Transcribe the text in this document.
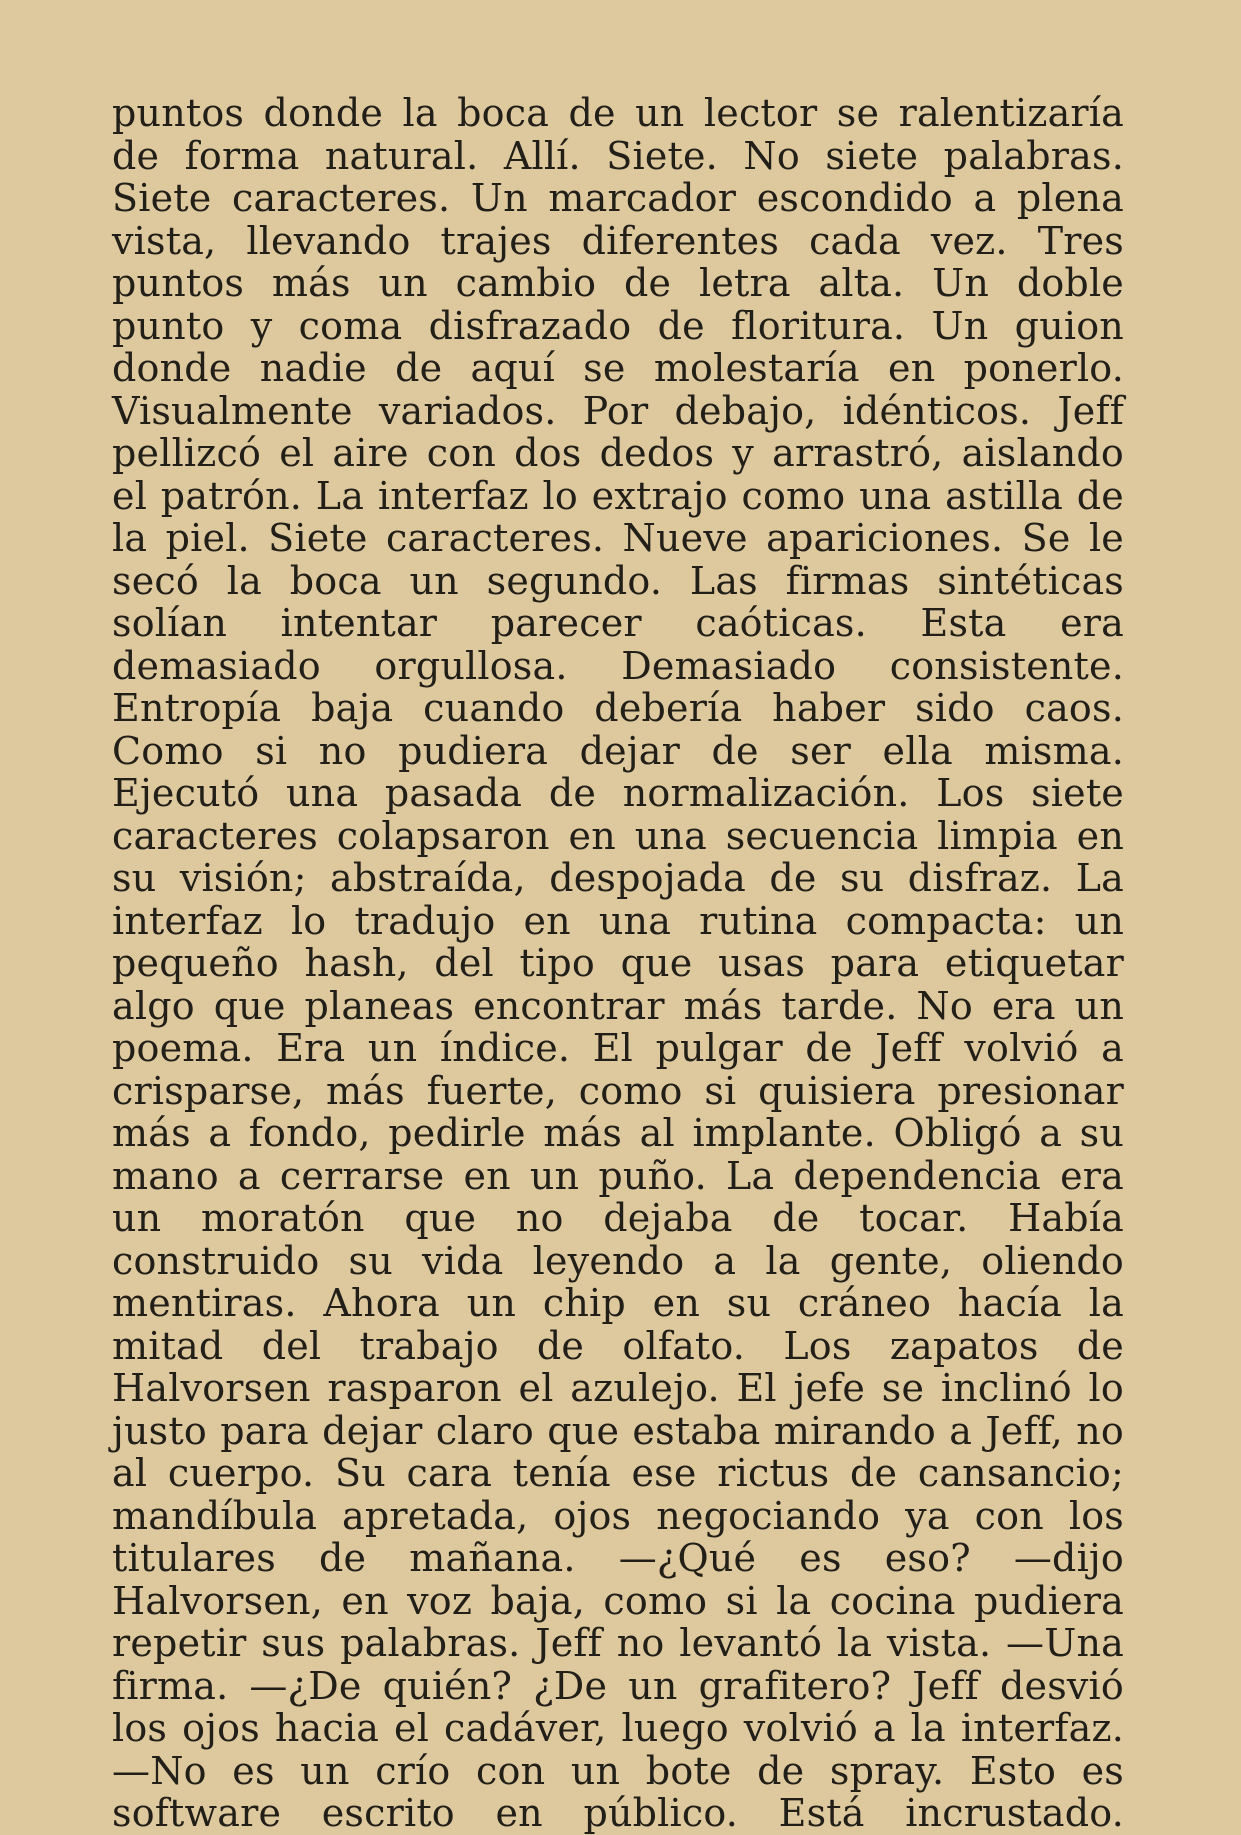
puntos donde la boca de un lector se ralentizaría de forma natural. Allí. Siete. No siete palabras. Siete caracteres. Un marcador escondido a plena vista, llevando trajes diferentes cada vez. Tres puntos más un cambio de letra alta. Un doble punto y coma disfrazado de floritura. Un guion donde nadie de aquí se molestaría en ponerlo. Visualmente variados. Por debajo, idénticos. Jeff pellizcó el aire con dos dedos y arrastró, aislando el patrón. La interfaz lo extrajo como una astilla de la piel. Siete caracteres. Nueve apariciones. Se le secó la boca un segundo. Las firmas sintéticas solían intentar parecer caóticas. Esta era demasiado orgullosa. Demasiado consistente. Entropía baja cuando debería haber sido caos. Como si no pudiera dejar de ser ella misma. Ejecutó una pasada de normalización. Los siete caracteres colapsaron en una secuencia limpia en su visión; abstraída, despojada de su disfraz. La interfaz lo tradujo en una rutina compacta: un pequeño hash, del tipo que usas para etiquetar algo que planeas encontrar más tarde. No era un poema. Era un índice. El pulgar de Jeff volvió a crisparse, más fuerte, como si quisiera presionar más a fondo, pedirle más al implante. Obligó a su mano a cerrarse en un puño. La dependencia era un moratón que no dejaba de tocar. Había construido su vida leyendo a la gente, oliendo mentiras. Ahora un chip en su cráneo hacía la mitad del trabajo de olfato. Los zapatos de Halvorsen rasparon el azulejo. El jefe se inclinó lo justo para dejar claro que estaba mirando a Jeff, no al cuerpo. Su cara tenía ese rictus de cansancio; mandíbula apretada, ojos negociando ya con los titulares de mañana. —¿Qué es eso? —dijo Halvorsen, en voz baja, como si la cocina pudiera repetir sus palabras. Jeff no levantó la vista. —Una firma. —¿De quién? ¿De un grafitero? Jeff desvió los ojos hacia el cadáver, luego volvió a la interfaz. —No es un crío con un bote de spray. Esto es software escrito en público. Está incrustado.
